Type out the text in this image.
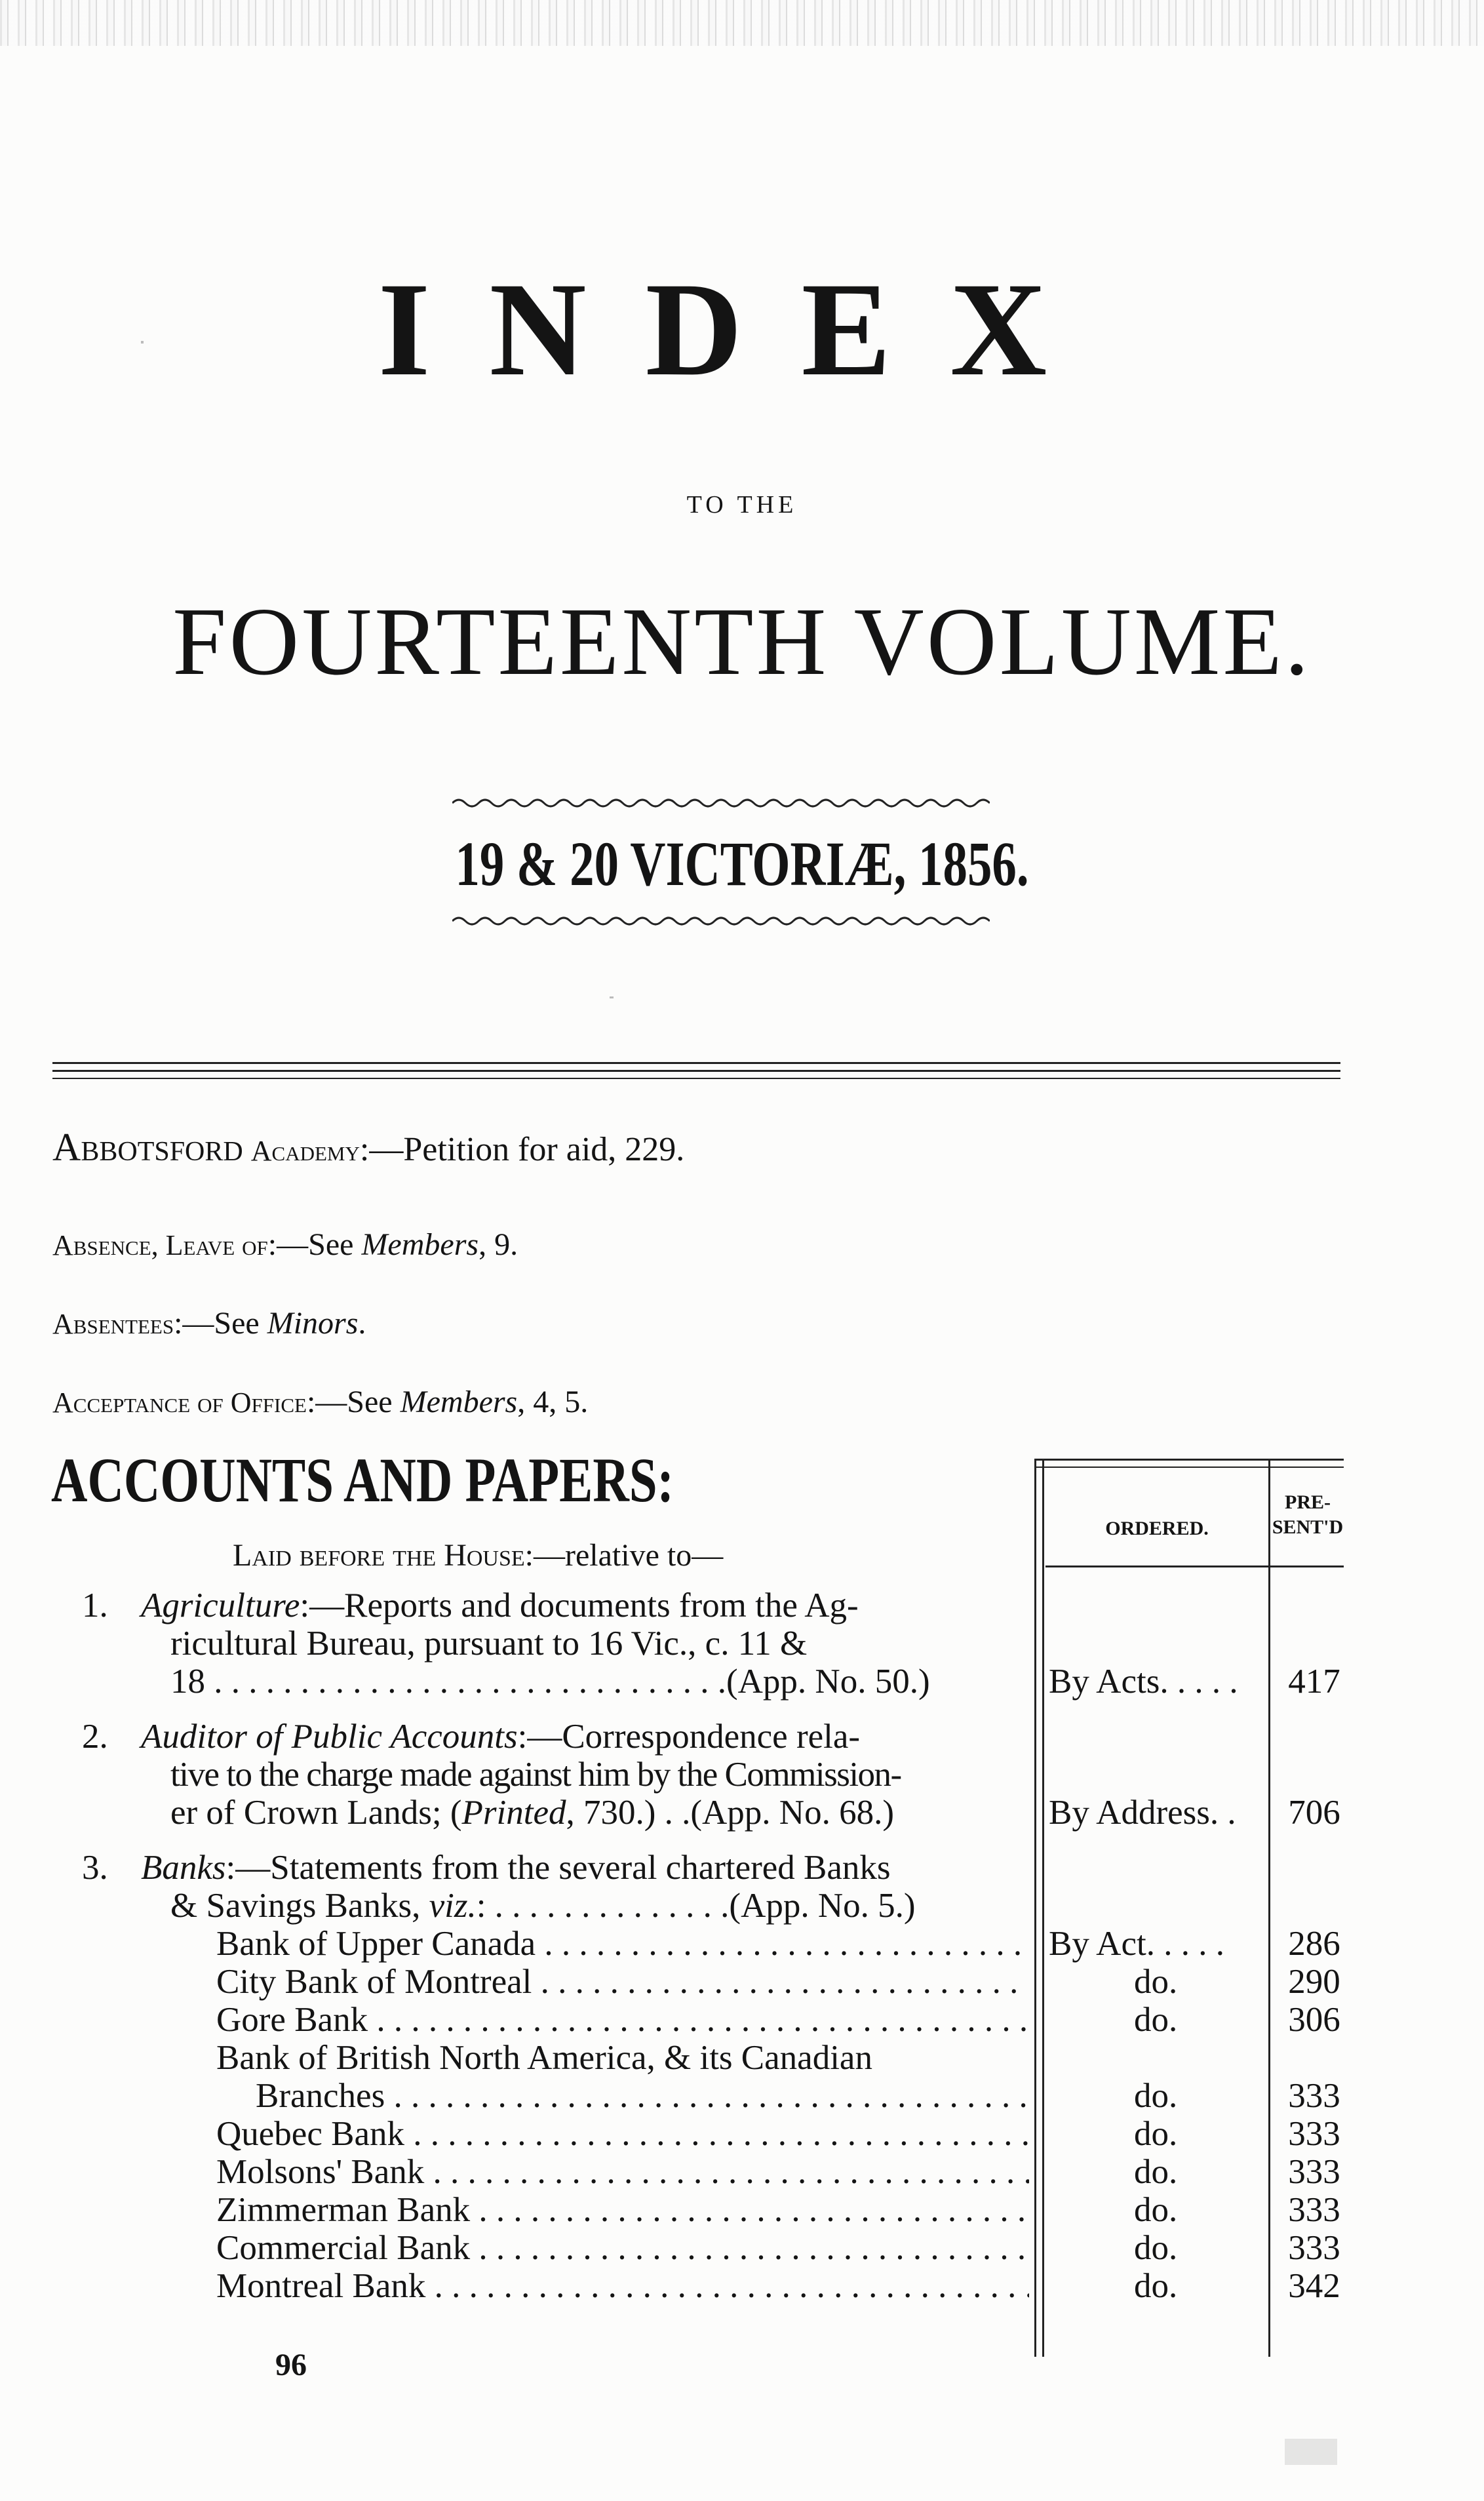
INDEX
TO THE
FOURTEENTH VOLUME.
19 & 20 VICTORIÆ, 1856.
Abbotsford Academy:—Petition for aid, 229.
Absence, Leave of:—See Members, 9.
Absentees:—See Minors.
Acceptance of Office:—See Members, 4, 5.
ACCOUNTS AND PAPERS:
Laid before the House:—relative to—
ORDERED.
PRE-
SENT'D
1. Agriculture:—Reports and documents from the Ag-
ricultural Bureau, pursuant to 16 Vic., c. 11 &
18 . . . . . . . . . . . . . . . . . . . . . . . . . . . . . .(App. No. 50.)	By Acts. . . . .	417
2. Auditor of Public Accounts:—Correspondence rela-
tive to the charge made against him by the Commission-
er of Crown Lands; (Printed, 730.) . .(App. No. 68.)	By Address. .	706
3. Banks:—Statements from the several chartered Banks
& Savings Banks, viz.: . . . . . . . . . . . . . .(App. No. 5.)
Bank of Upper Canada . . .	By Act. . . . .	286
City Bank of Montreal . . .	do.	290
Gore Bank . . .	do.	306
Bank of British North America, & its Canadian
Branches . . .	do.	333
Quebec Bank . . .	do.	333
Molsons' Bank . . .	do.	333
Zimmerman Bank . . .	do.	333
Commercial Bank . . .	do.	333
Montreal Bank . . .	do.	342
96
